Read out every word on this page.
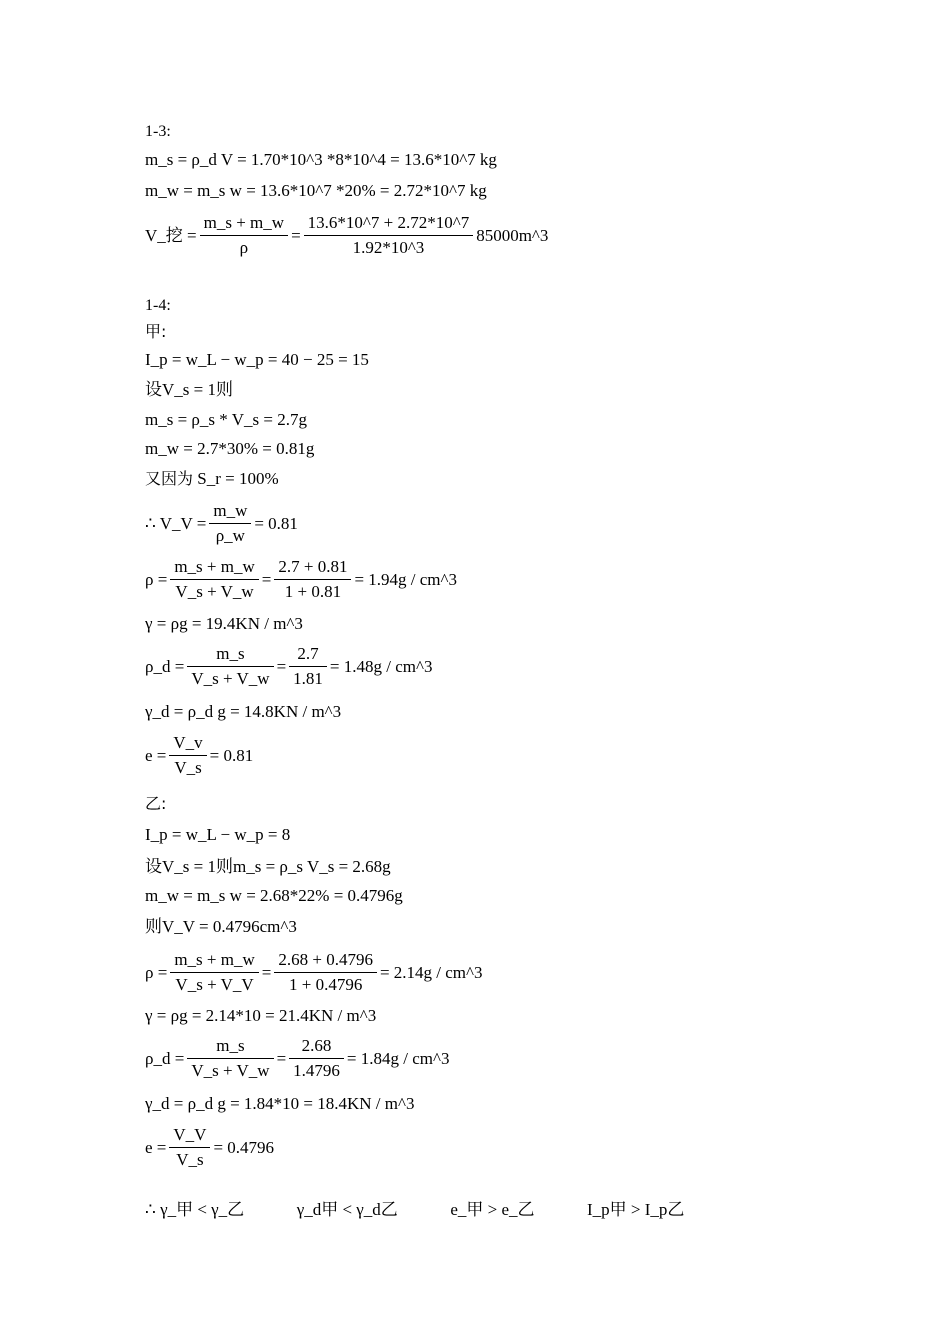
1-3:
m_s = ρ_d V = 1.70*10^3 *8*10^4 = 13.6*10^7 kg
m_w = m_s w = 13.6*10^7 *20% = 2.72*10^7 kg
V_挖 = $\frac{m\_s + m\_w}{\rho} = \frac{13.6*10\^{}7 + 2.72*10\^{}7}{1.92*10\^{}3}$ 85000m^3
1-4:
甲:
I_p = w_L − w_p = 40 − 25 = 15
设V_s = 1则
m_s = ρ_s * V_s = 2.7g
m_w = 2.7*30% = 0.81g
又因为 S_r = 100%
∴ V_V = $\frac{m\_w}{\rho\_w} = 0.81$
$\rho = \frac{m\_s + m\_w}{V\_s + V\_w} = \frac{2.7 + 0.81}{1 + 0.81} = 1.94g$ / cm^3
γ = ρg = 19.4KN / m^3
ρ_d = $\frac{m\_s}{V\_s + V\_w} = \frac{2.7}{1.81} = 1.48g$ / cm^3
γ_d = ρ_d g = 14.8KN / m^3
$e = \frac{V\_v}{V\_s} = 0.81$
乙:
I_p = w_L − w_p = 8
设V_s = 1则m_s = ρ_s V_s = 2.68g
m_w = m_s w = 2.68*22% = 0.4796g
则V_V = 0.4796cm^3
$\rho = \frac{m\_s + m\_w}{V\_s + V\_V} = \frac{2.68 + 0.4796}{1 + 0.4796} = 2.14g$ / cm^3
γ = ρg = 2.14*10 = 21.4KN / m^3
ρ_d = $\frac{m\_s}{V\_s + V\_w} = \frac{2.68}{1.4796} = 1.84g$ / cm^3
γ_d = ρ_d g = 1.84*10 = 18.4KN / m^3
$e = \frac{V\_V}{V\_s} = 0.4796$
∴ γ_甲 < γ_乙	γ_d甲 < γ_d乙	e_甲 > e_乙	I_p甲 > I_p乙
